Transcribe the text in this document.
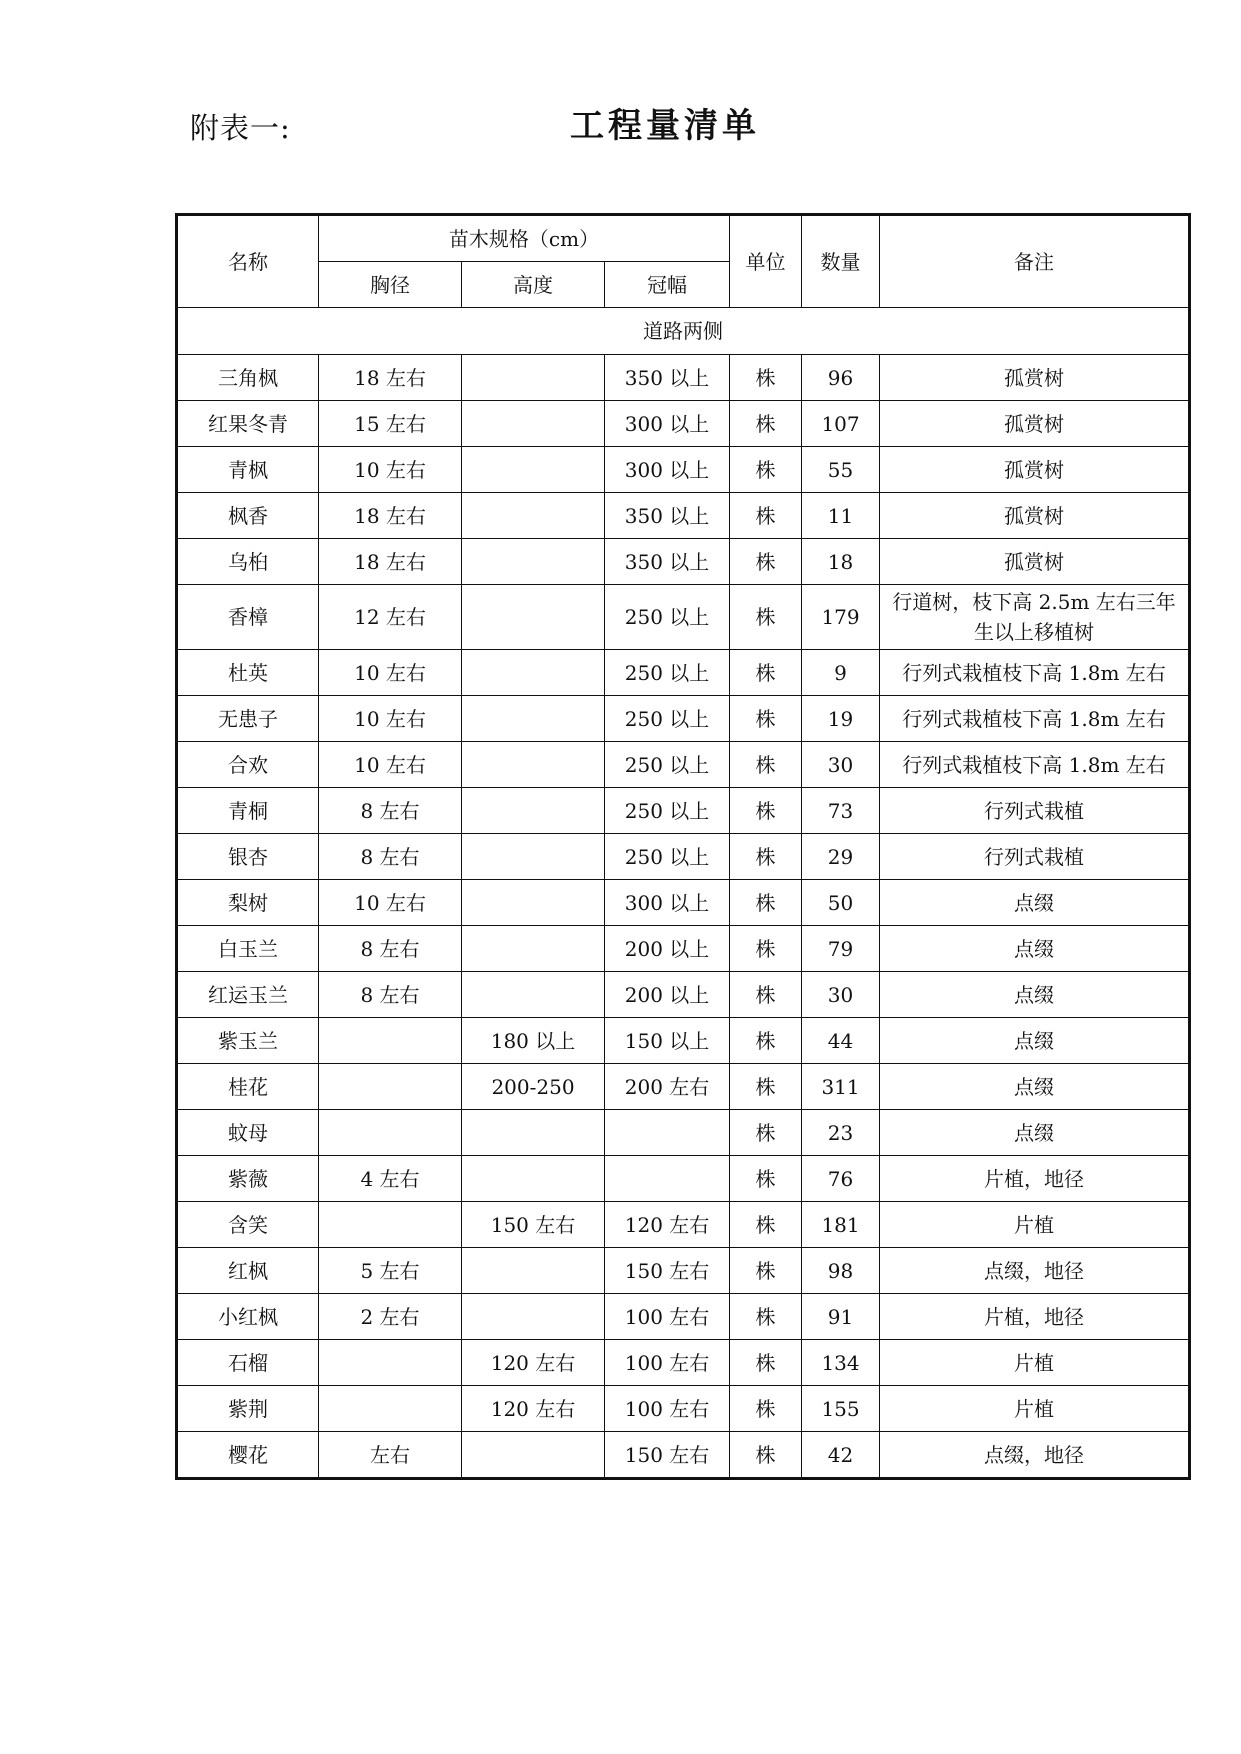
附表一:	工程量清单
名称	苗木规格（cm）			单位	数量	备注
	胸径	高度	冠幅			
道路两侧						
三角枫	18 左右		350 以上	株	96	孤赏树
红果冬青	15 左右		300 以上	株	107	孤赏树
青枫	10 左右		300 以上	株	55	孤赏树
枫香	18 左右		350 以上	株	11	孤赏树
乌桕	18 左右		350 以上	株	18	孤赏树
香樟	12 左右		250 以上	株	179	行道树，枝下高 2.5m 左右三年生以上移植树
杜英	10 左右		250 以上	株	9	行列式栽植枝下高 1.8m 左右
无患子	10 左右		250 以上	株	19	行列式栽植枝下高 1.8m 左右
合欢	10 左右		250 以上	株	30	行列式栽植枝下高 1.8m 左右
青桐	8 左右		250 以上	株	73	行列式栽植
银杏	8 左右		250 以上	株	29	行列式栽植
梨树	10 左右		300 以上	株	50	点缀
白玉兰	8 左右		200 以上	株	79	点缀
红运玉兰	8 左右		200 以上	株	30	点缀
紫玉兰		180 以上	150 以上	株	44	点缀
桂花		200-250	200 左右	株	311	点缀
蚊母				株	23	点缀
紫薇	4 左右			株	76	片植，地径
含笑		150 左右	120 左右	株	181	片植
红枫	5 左右		150 左右	株	98	点缀，地径
小红枫	2 左右		100 左右	株	91	片植，地径
石榴		120 左右	100 左右	株	134	片植
紫荆		120 左右	100 左右	株	155	片植
樱花	左右		150 左右	株	42	点缀，地径
